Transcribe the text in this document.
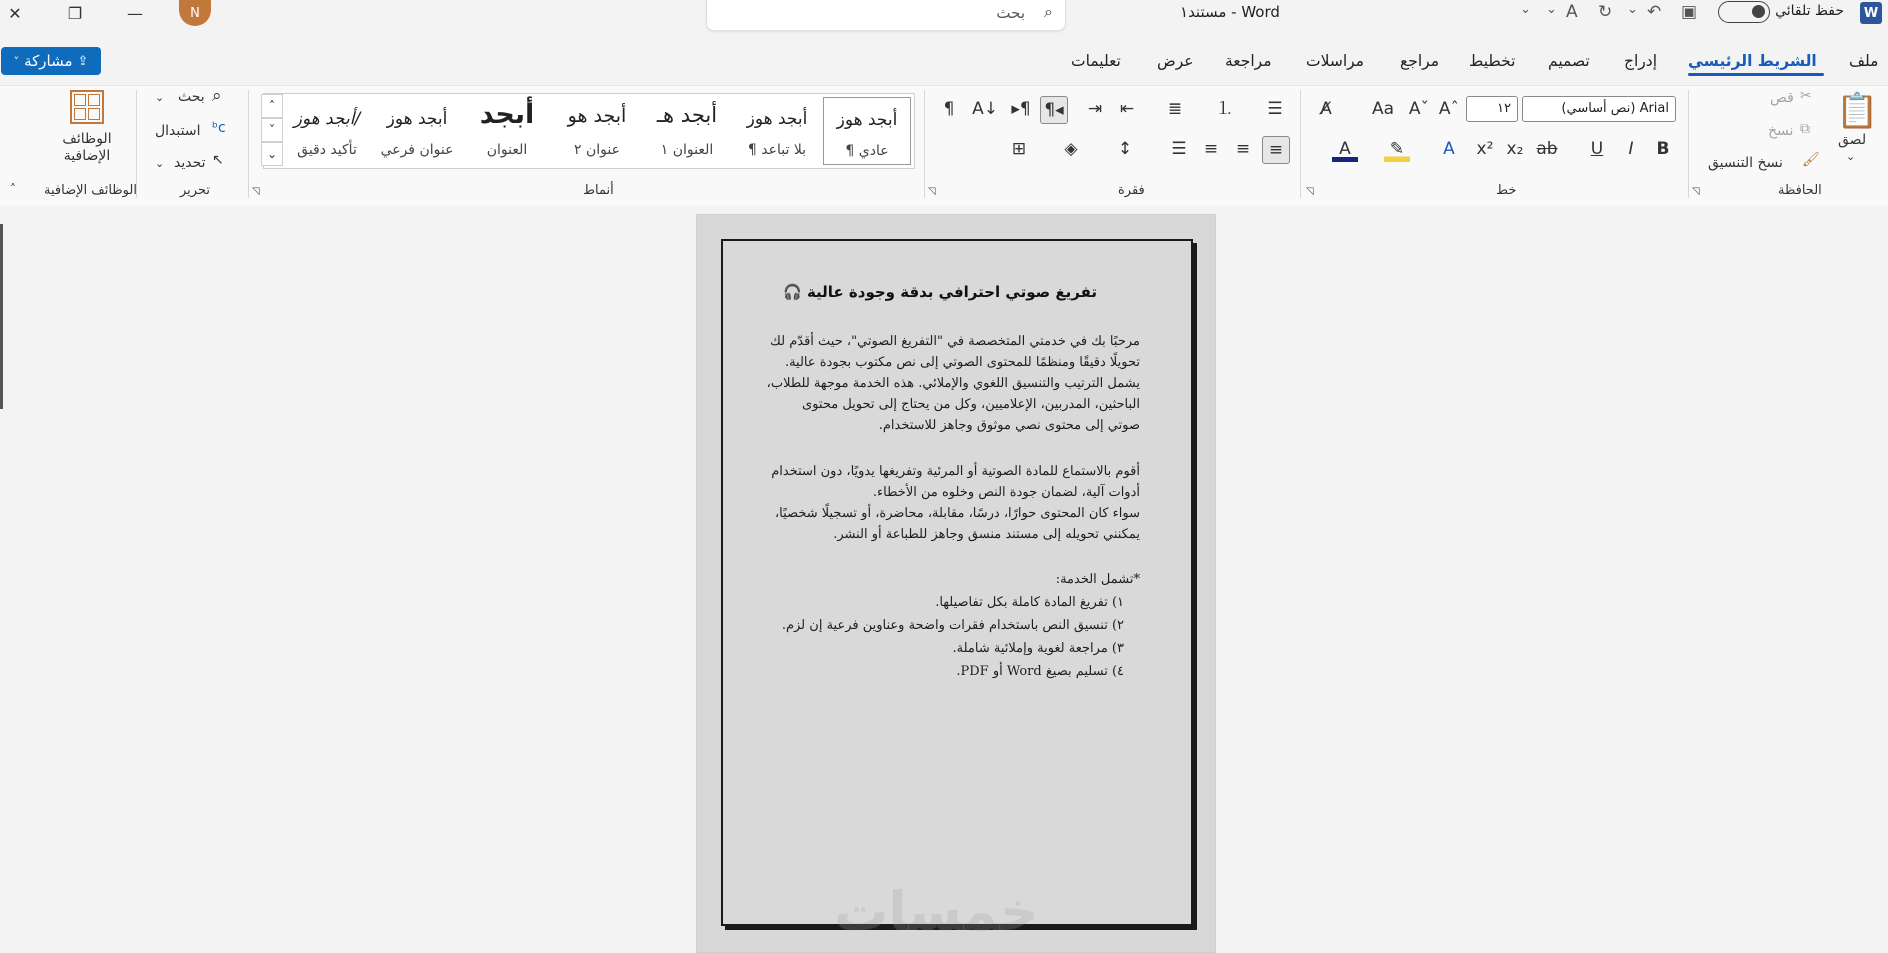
✕	❐	—	N	بحث ⌕	مستند١ - Word	⌄ ⌄ A ↻ ⌄ ↶ ▣	حفظ تلقائي W
˅ مشاركة ⇪	ملف
الشريط الرئيسي
إدراج
تصميم
تخطيط
مراجع
مراسلات
مراجعة
عرض
تعليمات
📋
لصق
⌄
قص ✂
نسخ ⧉
نسخ التنسيق 🖌
الحافظة
◹
Arial (نص أساسي)
١٢
Aˆ
Aˇ
Aa
A̸
B
I
U
ab
x₂
x²
A
✎
A
خط
◹
☰
⒈
≣
⇤
⇥
¶◂
▸¶
A↓
¶
≡
≡
≡
☰
↕
◈
⊞
فقرة
◹
أبجد هوز
¶ عادي
أبجد هوز
¶ بلا تباعد
أبجد هـ
العنوان ١
أبجد هو
عنوان ٢
أبجد
العنوان
أبجد هوز
عنوان فرعي
أبجد هوز/
تأكيد دقيق
˄
˅
⌄
أنماط
◹
بحث ⌕
⌄
استبدال ᵇc
تحديد ↖
⌄
تحرير
الوظائف الإضافية
الوظائف الإضافية
˄
تفريغ صوتي احترافي بدقة وجودة عالية 🎧
مرحبًا بك في خدمتي المتخصصة في "التفريغ الصوتي"، حيث أقدّم لك
تحويلًا دقيقًا ومنظمًا للمحتوى الصوتي إلى نص مكتوب بجودة عالية.
يشمل الترتيب والتنسيق اللغوي والإملائي. هذه الخدمة موجهة للطلاب،
الباحثين، المدربين، الإعلاميين، وكل من يحتاج إلى تحويل محتوى
صوتي إلى محتوى نصي موثوق وجاهز للاستخدام.
أقوم بالاستماع للمادة الصوتية أو المرئية وتفريغها يدويًا، دون استخدام
أدوات آلية، لضمان جودة النص وخلوه من الأخطاء.
سواء كان المحتوى حوارًا، درسًا، مقابلة، محاضرة، أو تسجيلًا شخصيًا،
يمكنني تحويله إلى مستند منسق وجاهز للطباعة أو النشر.
*تشمل الخدمة:
١) تفريغ المادة كاملة بكل تفاصيلها.
٢) تنسيق النص باستخدام فقرات واضحة وعناوين فرعية إن لزم.
٣) مراجعة لغوية وإملائية شاملة.
٤) تسليم بصيغ Word أو PDF.
خمسات
